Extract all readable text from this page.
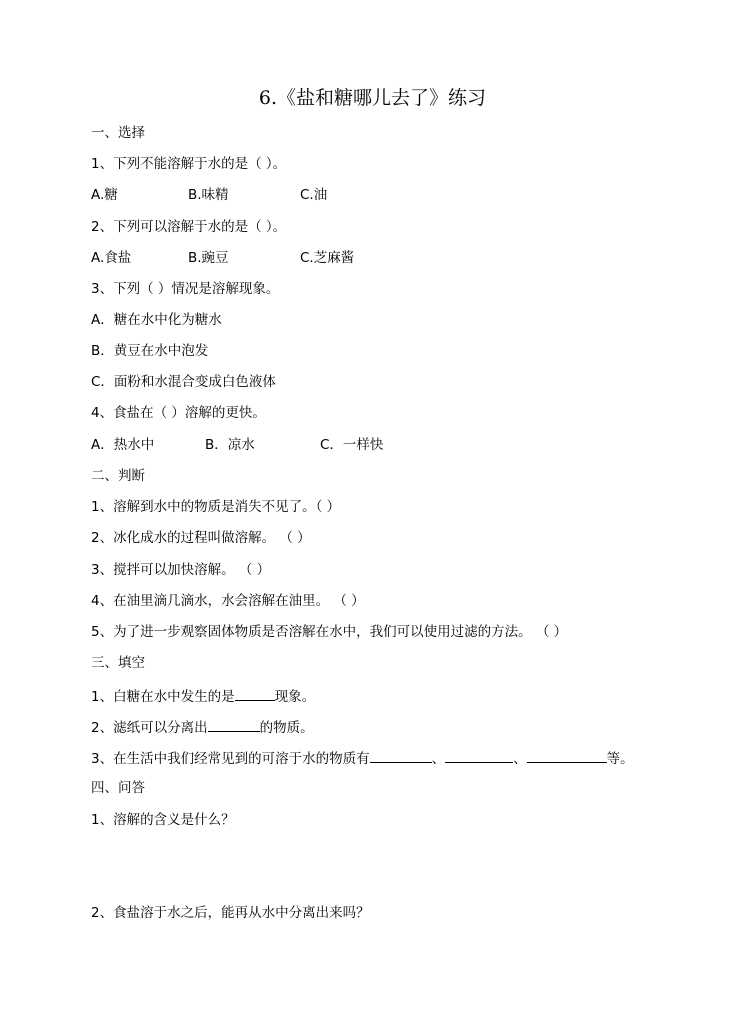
6.《盐和糖哪儿去了》练习
一、选择
1、下列不能溶解于水的是（ ）。
A.糖	B.味精	C.油
2、下列可以溶解于水的是（ ）。
A.食盐	B.豌豆	C.芝麻酱
3、下列（ ）情况是溶解现象。
A．糖在水中化为糖水
B．黄豆在水中泡发
C．面粉和水混合变成白色液体
4、食盐在（ ）溶解的更快。
A．热水中	B．凉水	C．一样快
二、判断
1、溶解到水中的物质是消失不见了。（ ）
2、冰化成水的过程叫做溶解。 （ ）
3、搅拌可以加快溶解。 （ ）
4、在油里滴几滴水，水会溶解在油里。 （ ）
5、为了进一步观察固体物质是否溶解在水中，我们可以使用过滤的方法。 （ ）
三、填空
1、白糖在水中发生的是	现象。
2、滤纸可以分离出	的物质。
3、在生活中我们经常见到的可溶于水的物质有	、	、	等。
四、问答
1、溶解的含义是什么？
2、食盐溶于水之后，能再从水中分离出来吗？
